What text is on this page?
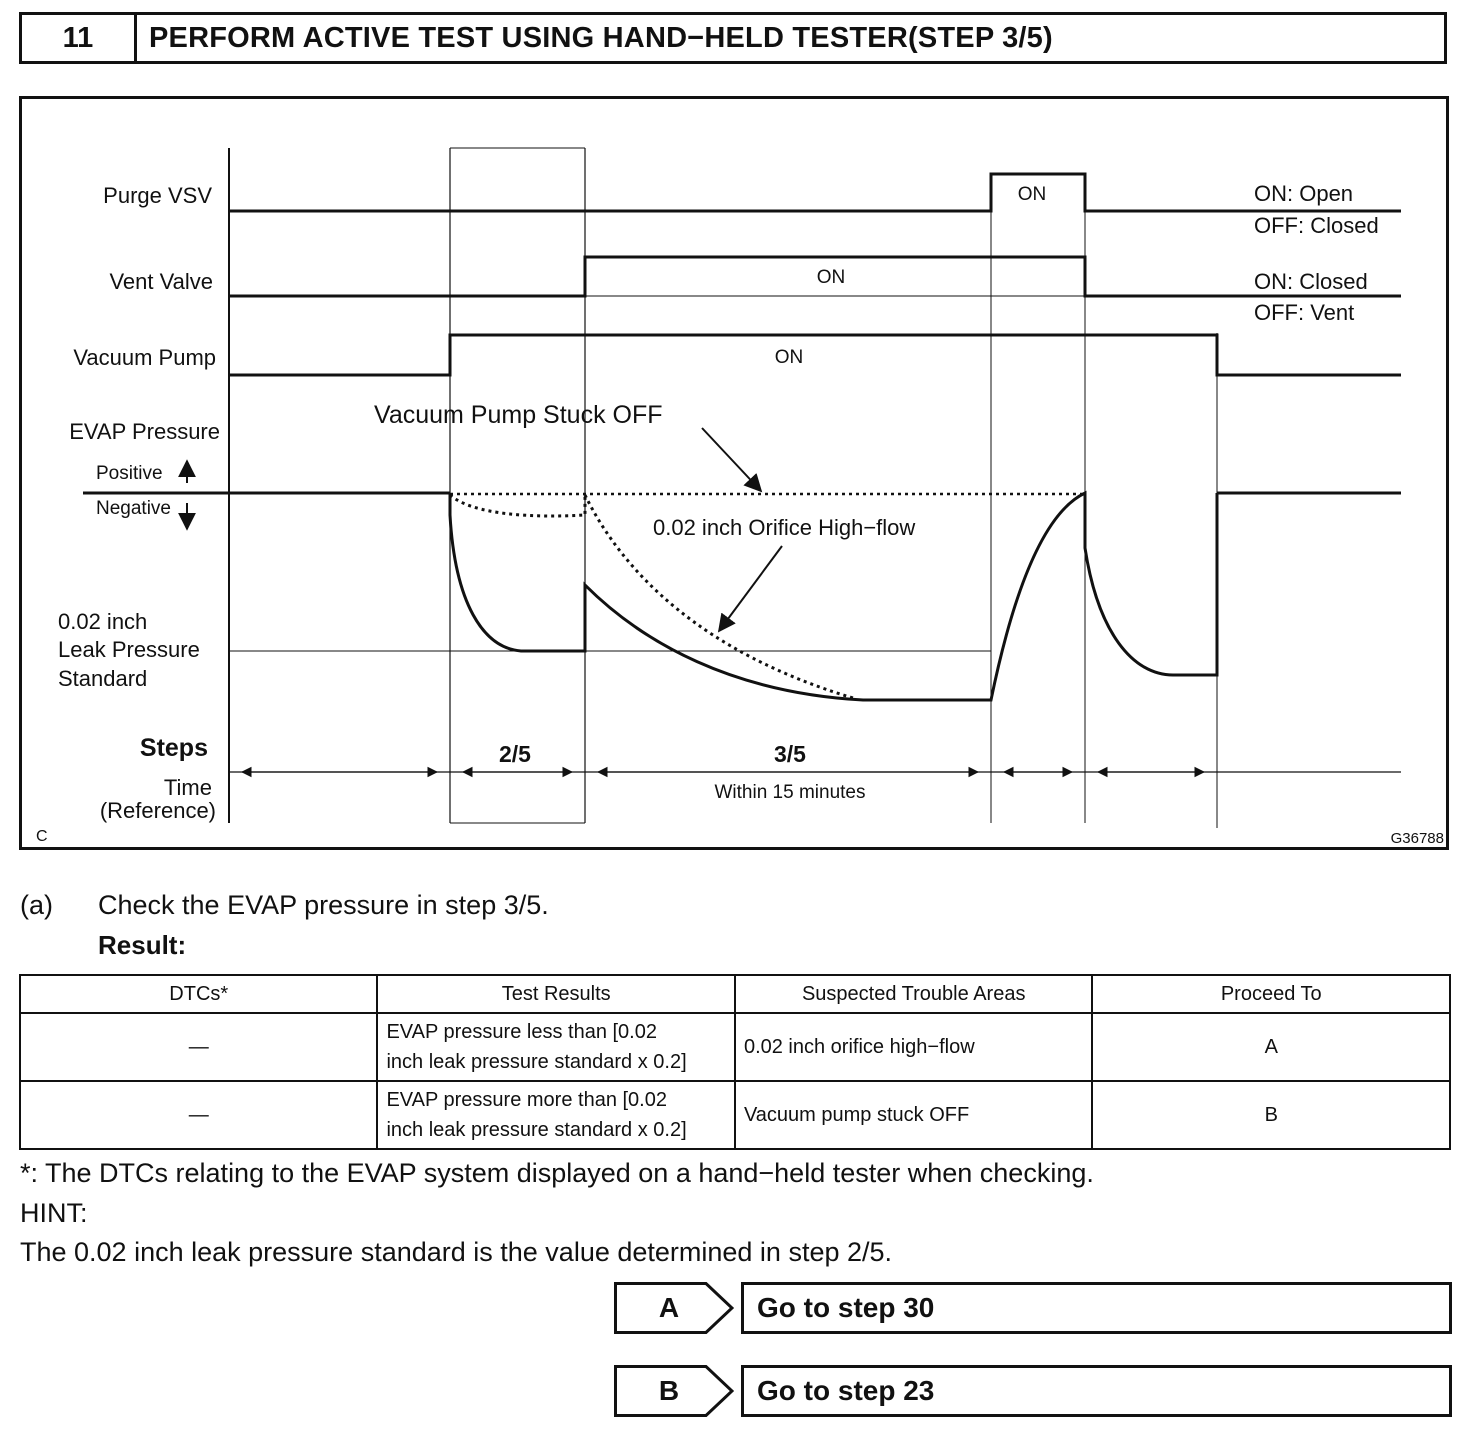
11	PERFORM ACTIVE TEST USING HAND−HELD TESTER(STEP 3/5)
Purge VSV
Vent Valve
Vacuum Pump
EVAP Pressure
Positive
Negative
0.02 inch
Leak Pressure
Standard
Steps
Time
(Reference)
ON
ON
ON
ON: Open
OFF: Closed
ON: Closed
OFF: Vent
Vacuum Pump Stuck OFF
0.02 inch Orifice High−flow
2/5	3/5
Within 15 minutes
C	G36788
(a) Check the EVAP pressure in step 3/5.
Result:
DTCs*	Test Results	Suspected Trouble Areas	Proceed To
—	EVAP pressure less than [0.02
inch leak pressure standard x 0.2]	0.02 inch orifice high−flow	A
—	EVAP pressure more than [0.02
inch leak pressure standard x 0.2]	Vacuum pump stuck OFF	B
*: The DTCs relating to the EVAP system displayed on a hand−held tester when checking.
HINT:
The 0.02 inch leak pressure standard is the value determined in step 2/5.
A	Go to step 30
B	Go to step 23
